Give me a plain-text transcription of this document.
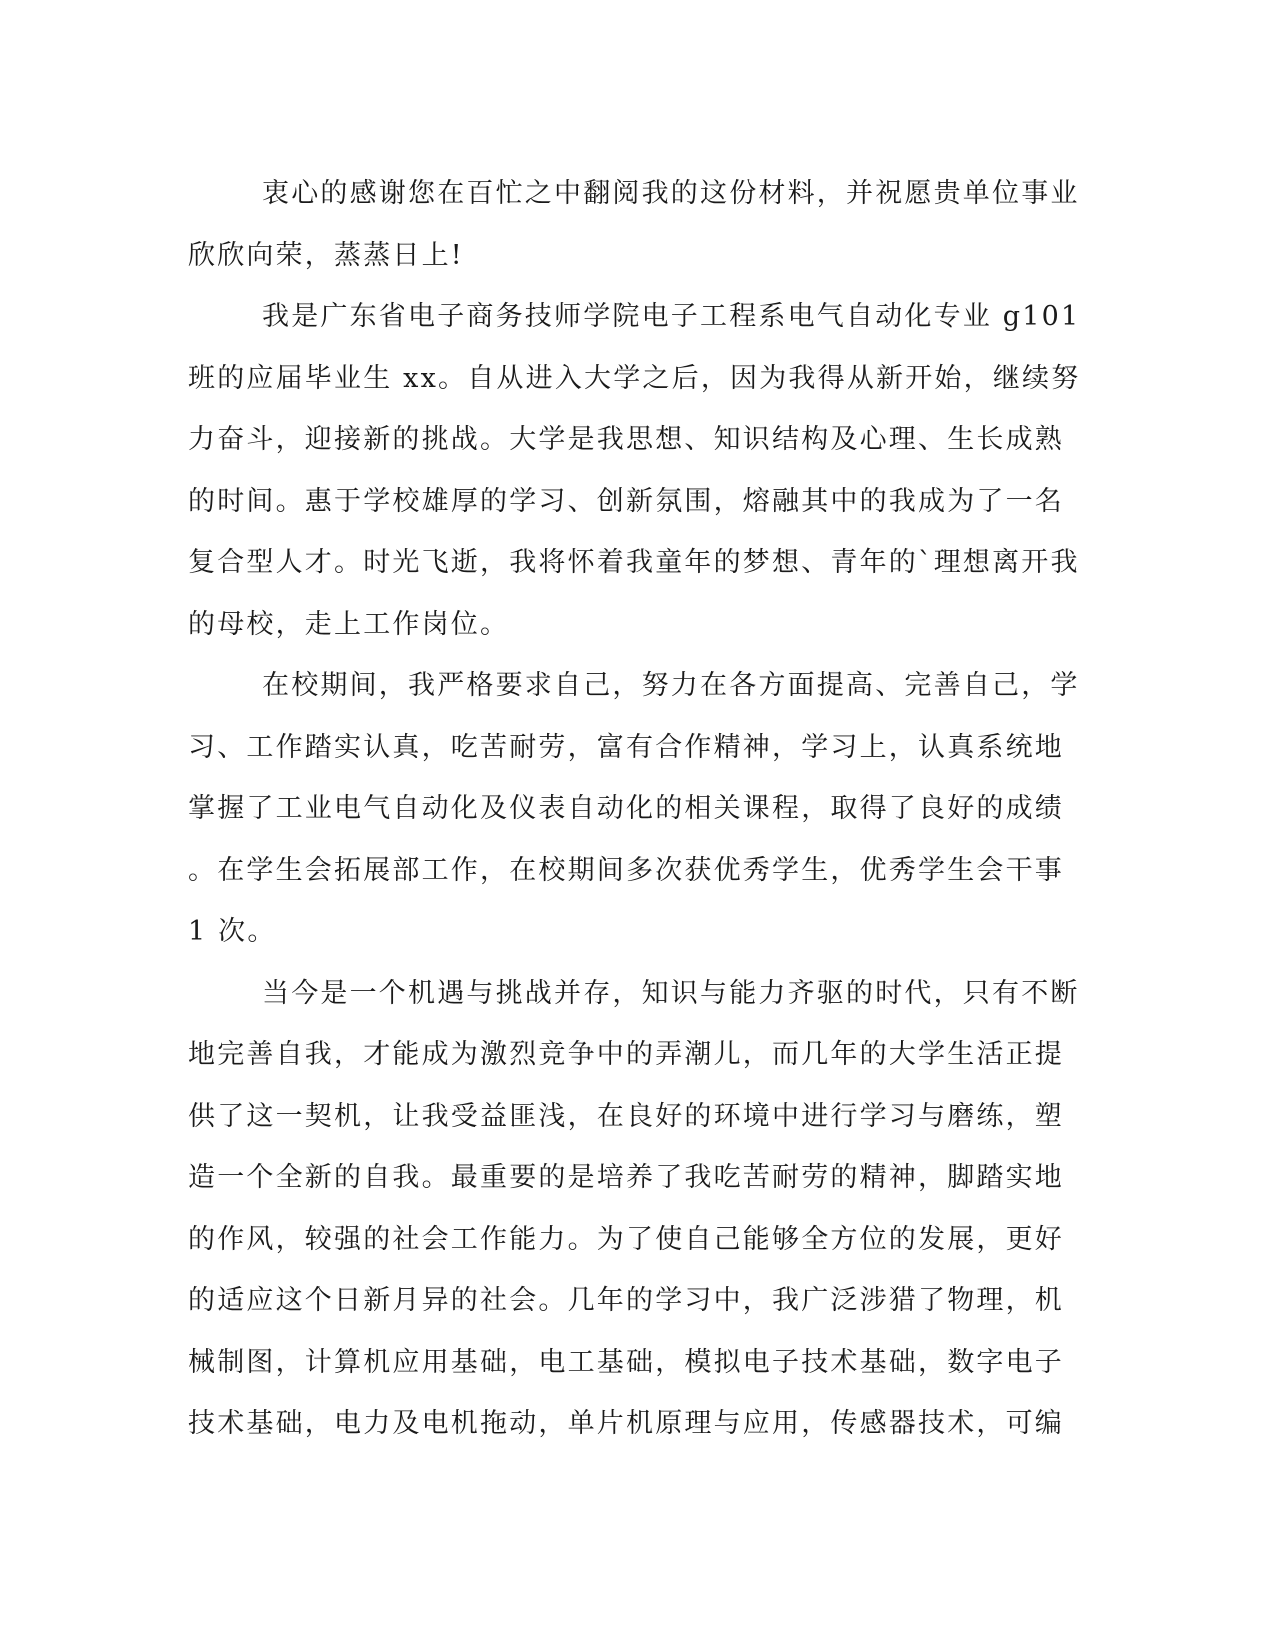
衷心的感谢您在百忙之中翻阅我的这份材料，并祝愿贵单位事业
欣欣向荣，蒸蒸日上!
我是广东省电子商务技师学院电子工程系电气自动化专业 g101
班的应届毕业生 xx。自从进入大学之后，因为我得从新开始，继续努
力奋斗，迎接新的挑战。大学是我思想、知识结构及心理、生长成熟
的时间。惠于学校雄厚的学习、创新氛围，熔融其中的我成为了一名
复合型人才。时光飞逝，我将怀着我童年的梦想、青年的`理想离开我
的母校，走上工作岗位。
在校期间，我严格要求自己，努力在各方面提高、完善自己，学
习、工作踏实认真，吃苦耐劳，富有合作精神，学习上，认真系统地
掌握了工业电气自动化及仪表自动化的相关课程，取得了良好的成绩
。在学生会拓展部工作，在校期间多次获优秀学生，优秀学生会干事
1 次。
当今是一个机遇与挑战并存，知识与能力齐驱的时代，只有不断
地完善自我，才能成为激烈竞争中的弄潮儿，而几年的大学生活正提
供了这一契机，让我受益匪浅，在良好的环境中进行学习与磨练，塑
造一个全新的自我。最重要的是培养了我吃苦耐劳的精神，脚踏实地
的作风，较强的社会工作能力。为了使自己能够全方位的发展，更好
的适应这个日新月异的社会。几年的学习中，我广泛涉猎了物理，机
械制图，计算机应用基础，电工基础，模拟电子技术基础，数字电子
技术基础，电力及电机拖动，单片机原理与应用，传感器技术，可编
